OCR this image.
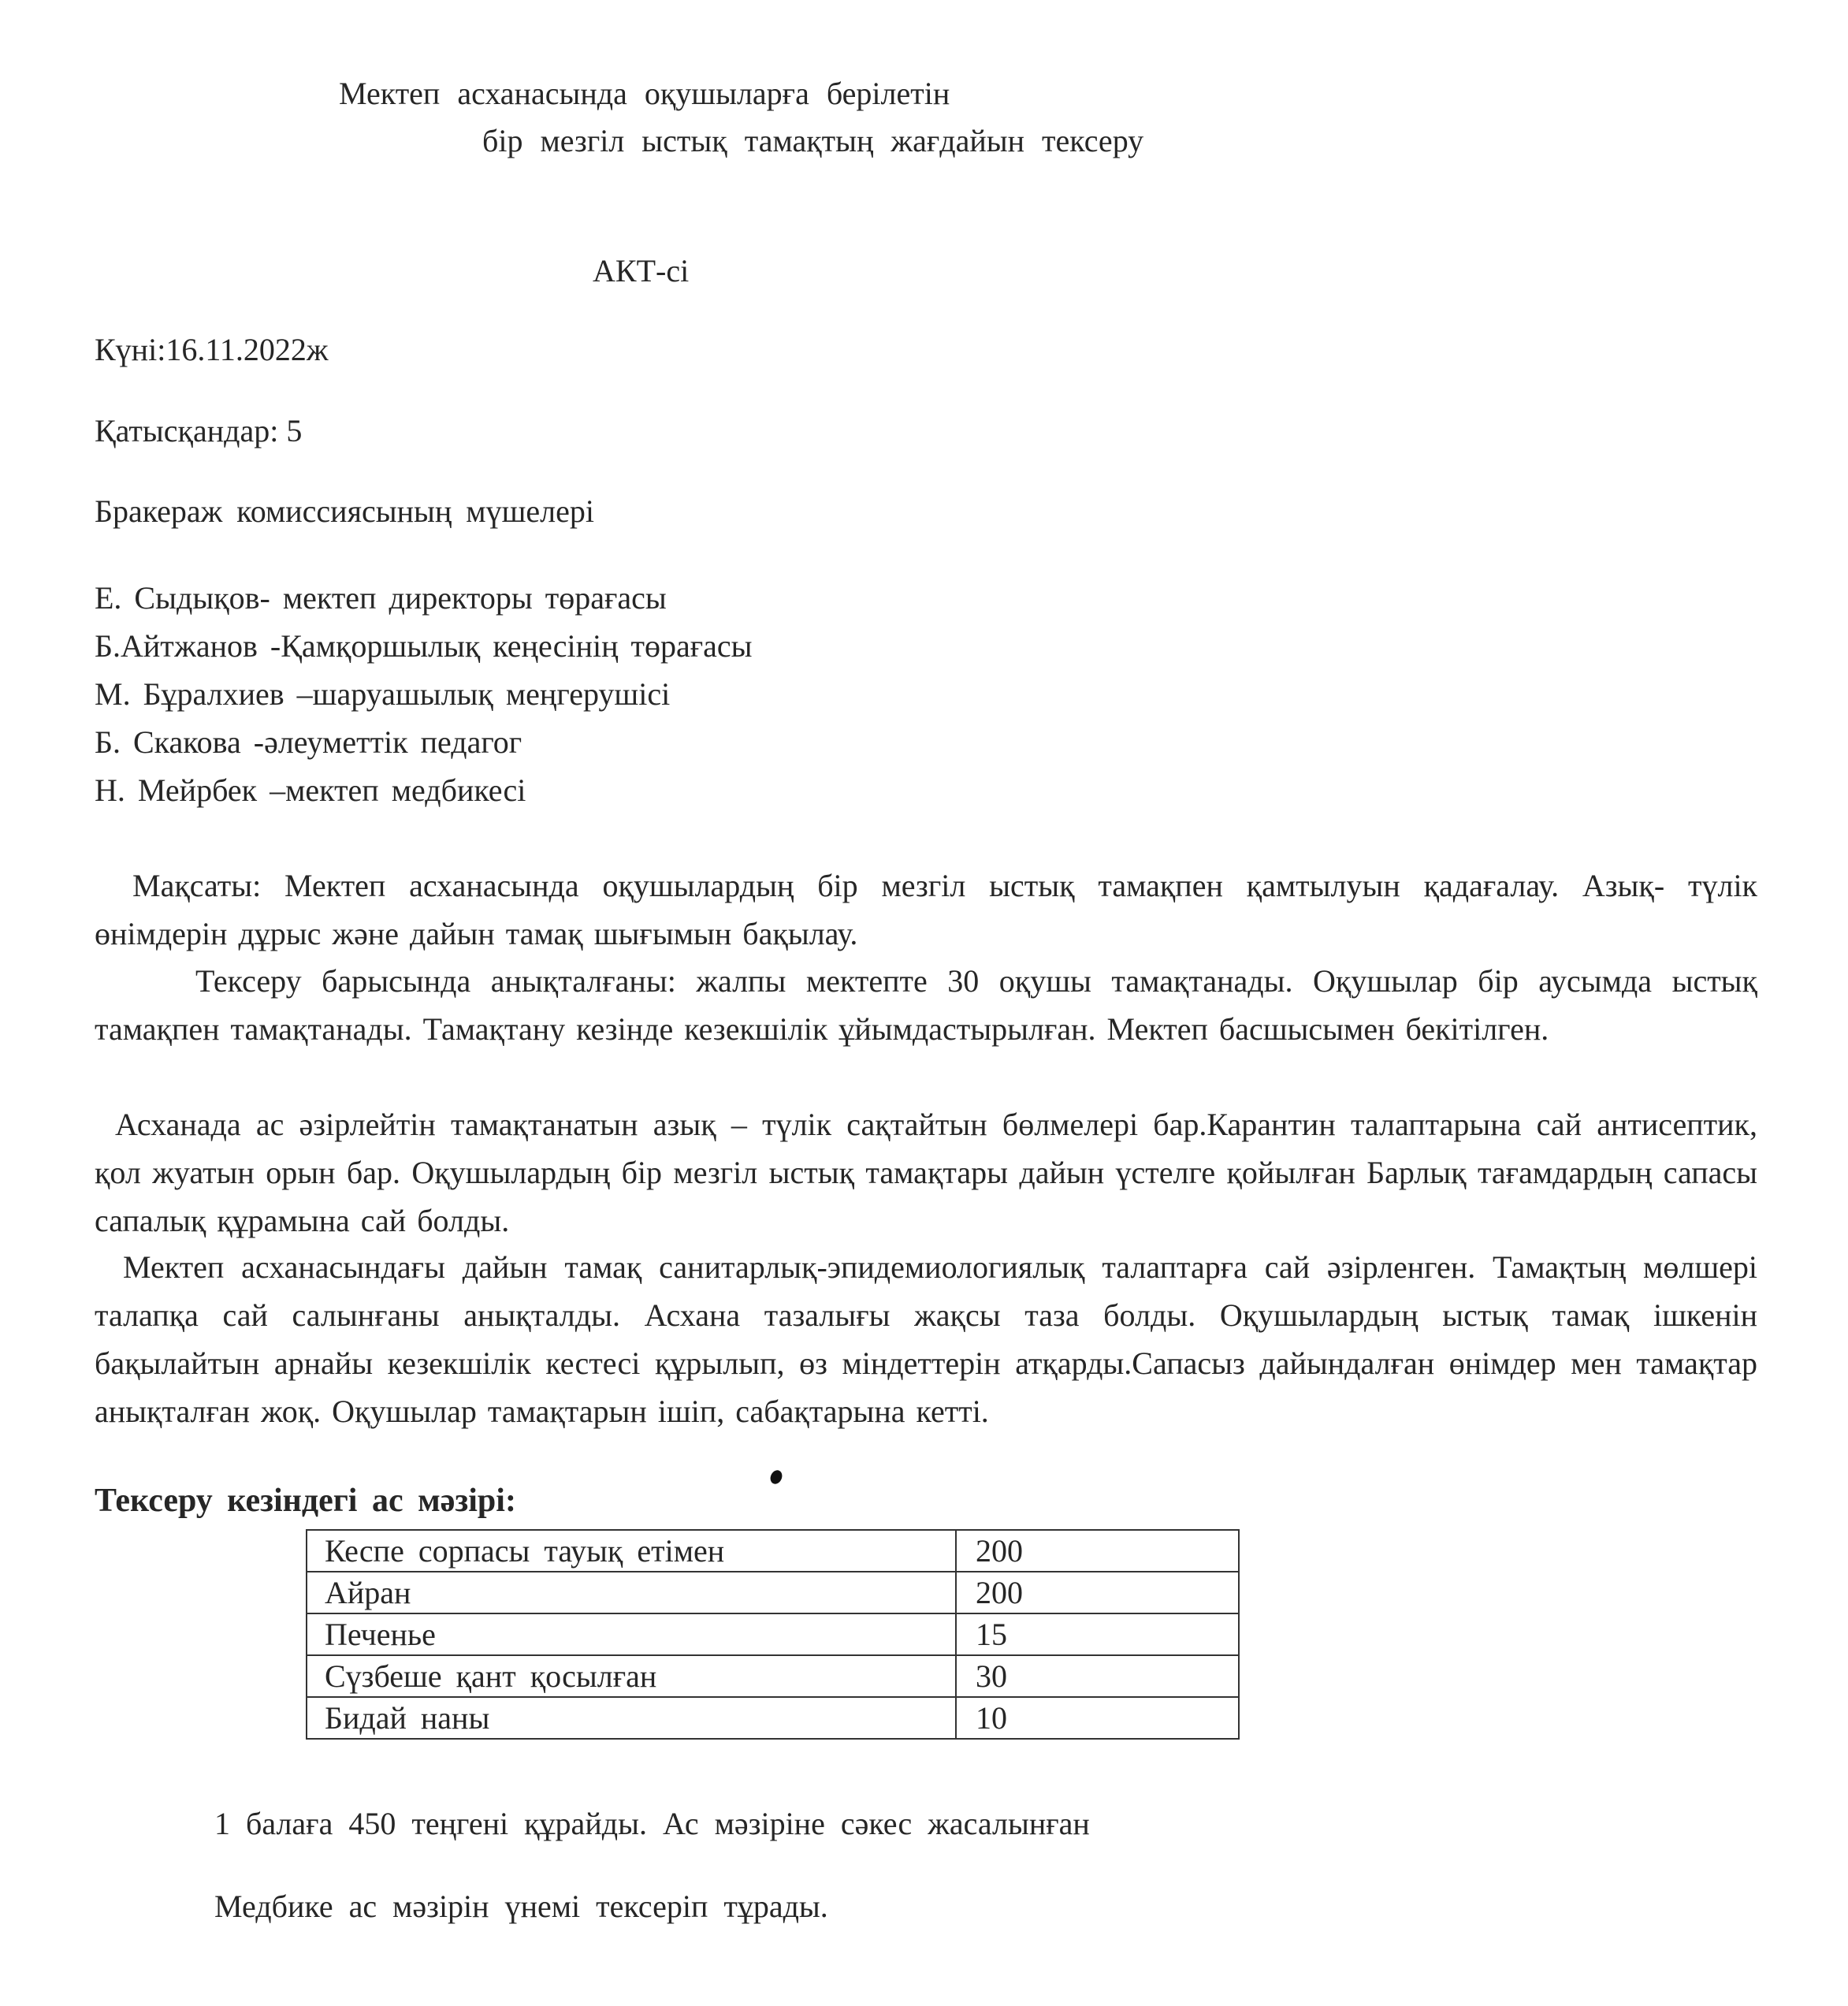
Мектеп асханасында оқушыларға берілетін
бір мезгіл ыстық тамақтың жағдайын тексеру
АКТ-сі
Күні:16.11.2022ж
Қатысқандар: 5
Бракераж комиссиясының мүшелері
Е. Сыдықов- мектеп директоры төрағасы
Б.Айтжанов -Қамқоршылық кеңесінің төрағасы
М. Бұралхиев –шаруашылық меңгерушісі
Б. Скакова -әлеуметтік педагог
Н. Мейрбек –мектеп медбикесі
Мақсаты: Мектеп асханасында оқушылардың бір мезгіл ыстық тамақпен қамтылуын қадағалау. Азық- түлік өнімдерін дұрыс және дайын тамақ шығымын бақылау.
Тексеру барысында анықталғаны: жалпы мектепте 30 оқушы тамақтанады. Оқушылар бір аусымда ыстық тамақпен тамақтанады. Тамақтану кезінде кезекшілік ұйымдастырылған. Мектеп басшысымен бекітілген.
Асханада ас әзірлейтін тамақтанатын азық – түлік сақтайтын бөлмелері бар.Карантин талаптарына сай антисептик, қол жуатын орын бар. Оқушылардың бір мезгіл ыстық тамақтары дайын үстелге қойылған Барлық тағамдардың сапасы сапалық құрамына сай болды.
Мектеп асханасындағы дайын тамақ санитарлық-эпидемиологиялық талаптарға сай әзірленген. Тамақтың мөлшері талапқа сай салынғаны анықталды. Асхана тазалығы жақсы таза болды. Оқушылардың ыстық тамақ ішкенін бақылайтын арнайы кезекшілік кестесі құрылып, өз міндеттерін атқарды.Сапасыз дайындалған өнімдер мен тамақтар анықталған жоқ. Оқушылар тамақтарын ішіп, сабақтарына кетті.
Тексеру кезіндегі ас мәзірі:
Кеспе сорпасы тауық етімен	200
Айран	200
Печенье	15
Сүзбеше қант қосылған	30
Бидай наны	10
1 балаға 450 теңгені құрайды. Ас мәзіріне сәкес жасалынған
Медбике ас мәзірін үнемі тексеріп тұрады.
